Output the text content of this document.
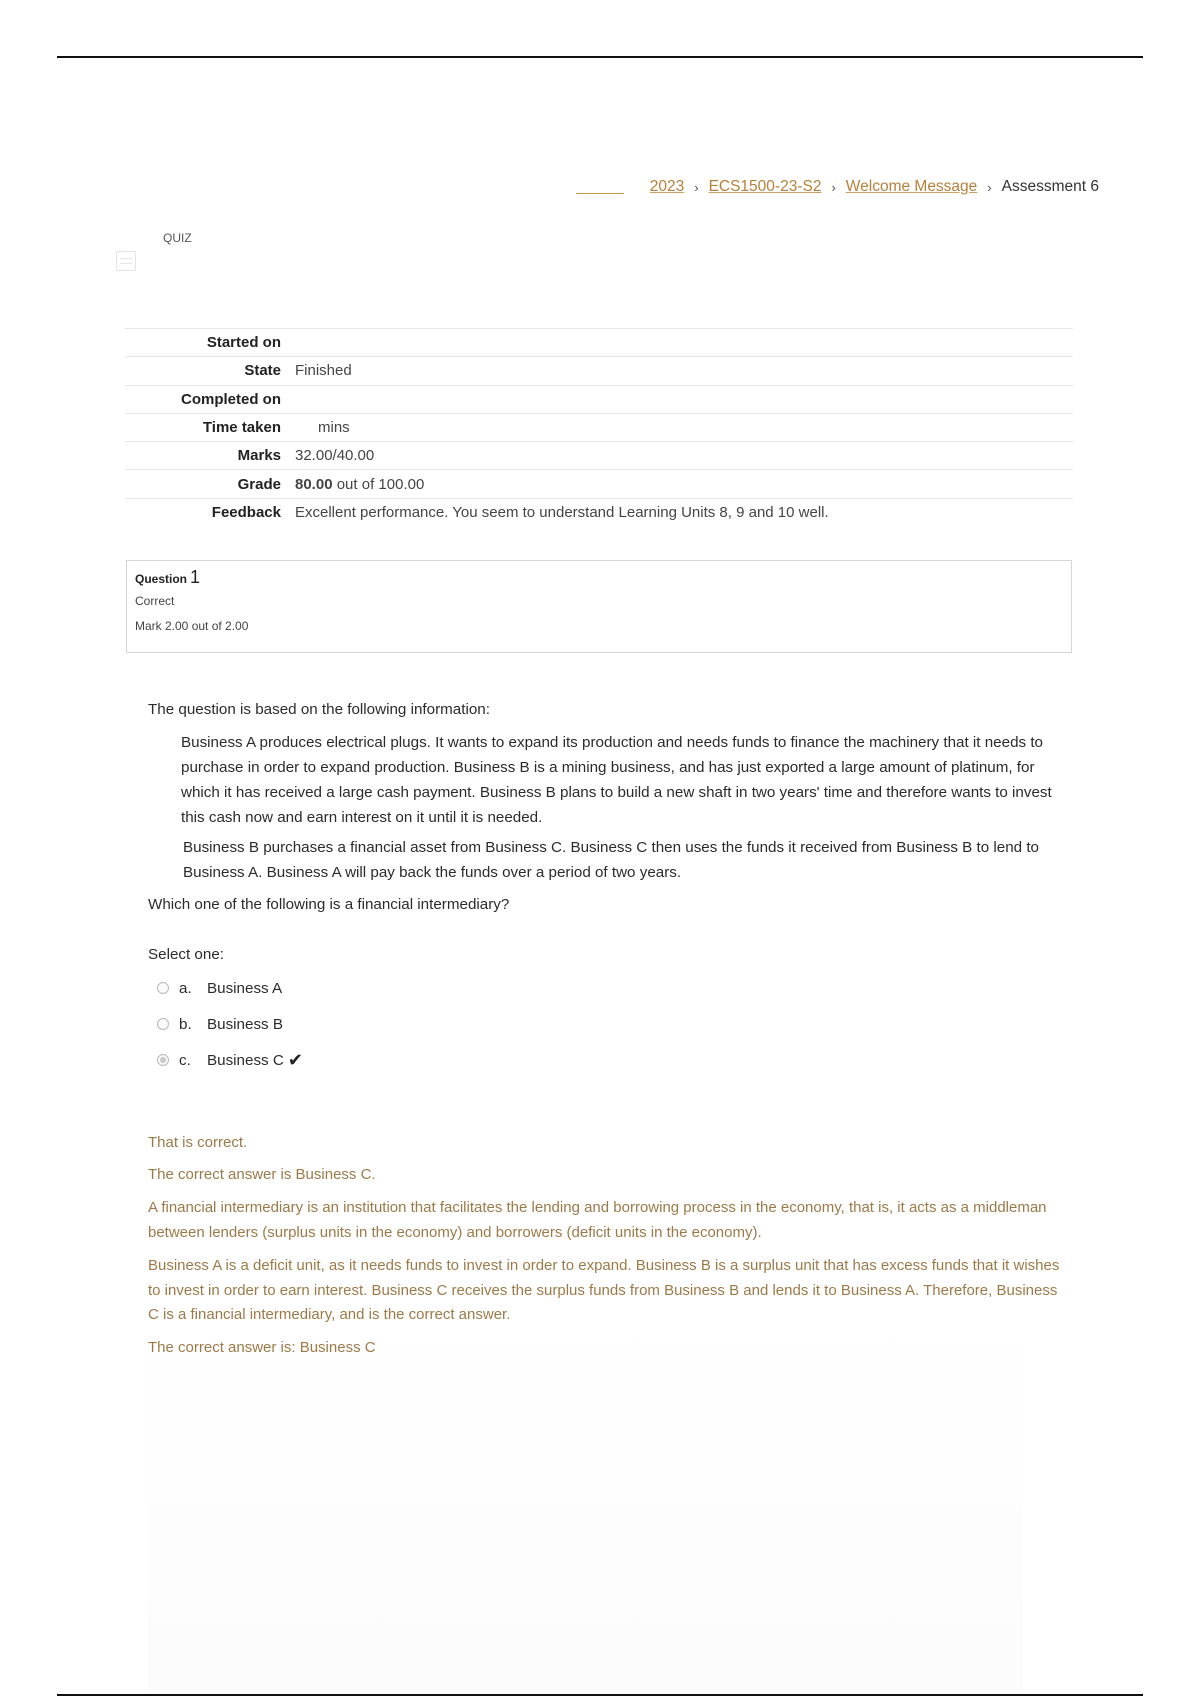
2023 › ECS1500-23-S2 › Welcome Message › Assessment 6
QUIZ
Started on	
State	Finished
Completed on	
Time taken	mins
Marks	32.00/40.00
Grade	80.00 out of 100.00
Feedback	Excellent performance. You seem to understand Learning Units 8, 9 and 10 well.
Question 1
Correct
Mark 2.00 out of 2.00
The question is based on the following information:
Business A produces electrical plugs. It wants to expand its production and needs funds to finance the machinery that it needs to purchase in order to expand production. Business B is a mining business, and has just exported a large amount of platinum, for which it has received a large cash payment. Business B plans to build a new shaft in two years' time and therefore wants to invest this cash now and earn interest on it until it is needed.
Business B purchases a financial asset from Business C. Business C then uses the funds it received from Business B to lend to Business A. Business A will pay back the funds over a period of two years.
Which one of the following is a financial intermediary?
Select one:
a.	Business A
b.	Business B
c.	Business C ✔
That is correct.
The correct answer is Business C.
A financial intermediary is an institution that facilitates the lending and borrowing process in the economy, that is, it acts as a middleman between lenders (surplus units in the economy) and borrowers (deficit units in the economy).
Business A is a deficit unit, as it needs funds to invest in order to expand. Business B is a surplus unit that has excess funds that it wishes to invest in order to earn interest. Business C receives the surplus funds from Business B and lends it to Business A. Therefore, Business C is a financial intermediary, and is the correct answer.
The correct answer is: Business C
